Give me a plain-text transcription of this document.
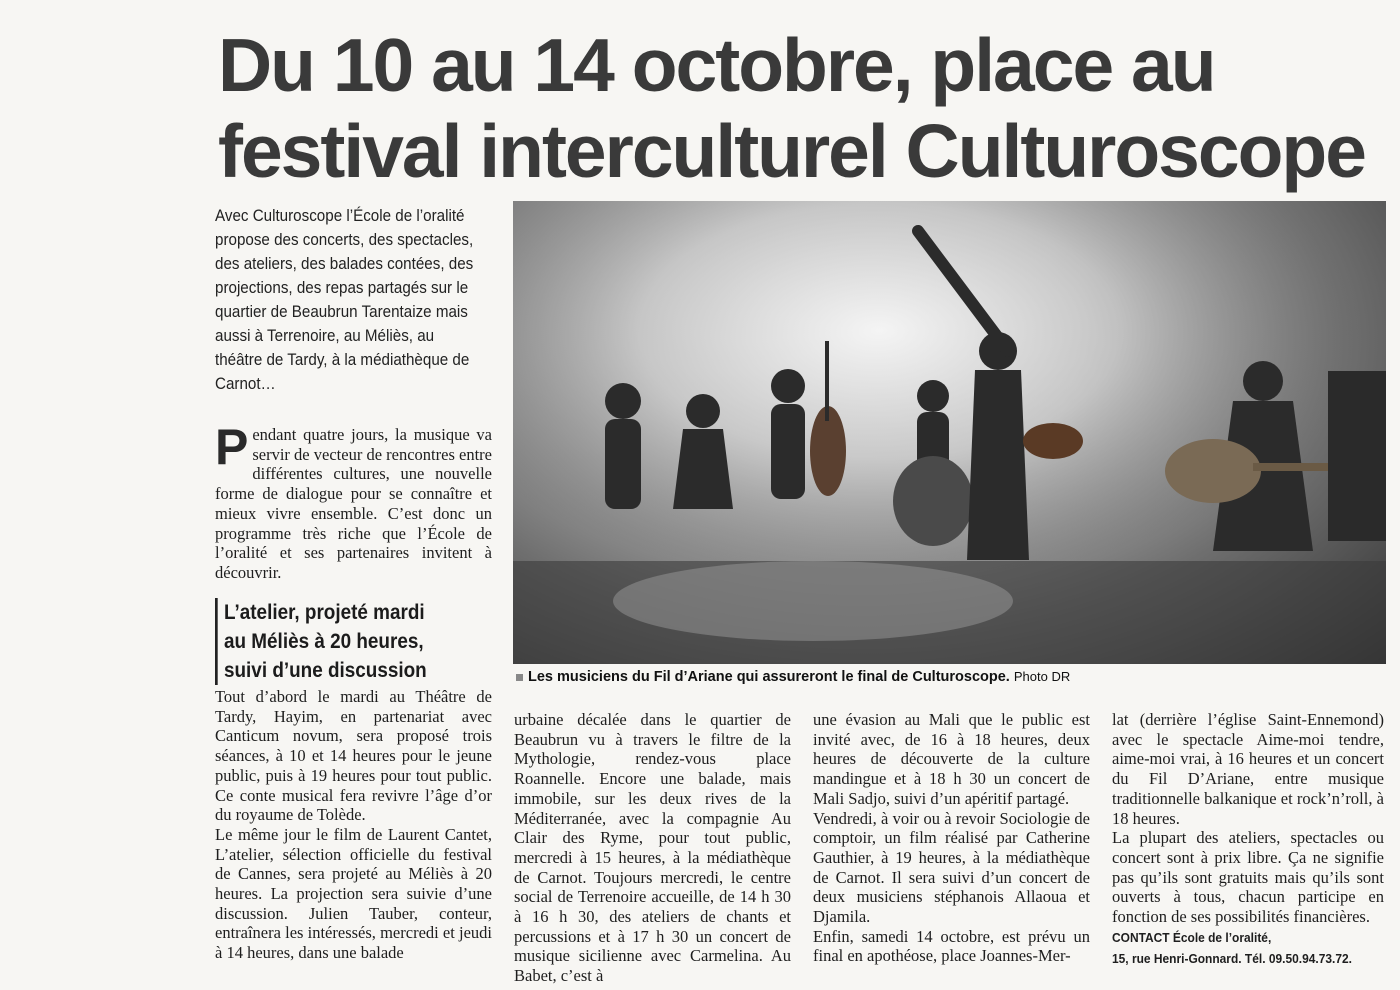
Du 10 au 14 octobre, place au festival interculturel Culturoscope

Avec Culturoscope l’École de l’oralité propose des concerts, des spectacles, des ateliers, des balades contées, des projections, des repas partagés sur le quartier de Beaubrun Tarentaize mais aussi à Terrenoire, au Méliès, au théâtre de Tardy, à la médiathèque de Carnot…

Les musiciens du Fil d’Ariane qui assureront le final de Culturoscope. Photo DR
P endant quatre jours, la musique va servir de vecteur de rencontres entre différentes cultures, une nouvelle forme de dialogue pour se connaître et mieux vivre ensemble. C’est donc un programme très riche que l’École de l’oralité et ses partenaires invitent à découvrir.

L’atelier, projeté mardi

au Méliès à 20 heures,

suivi d’une discussion

Tout d’abord le mardi au Théâtre de Tardy, Hayim, en partenariat avec Canticum novum, sera proposé trois séances, à 10 et 14 heures pour le jeune public, puis à 19 heures pour tout public. Ce conte musical fera revivre l’âge d’or du royaume de Tolède.

Le même jour le film de Laurent Cantet, L’atelier, sélection officielle du festival de Cannes, sera projeté au Méliès à 20 heures. La projection sera suivie d’une discussion. Julien Tauber, conteur, entraînera les intéressés, mercredi et jeudi à 14 heures, dans une balade

urbaine décalée dans le quartier de Beaubrun vu à travers le filtre de la Mythologie, rendez-vous place Roannelle. Encore une balade, mais immobile, sur les deux rives de la Méditerranée, avec la compagnie Au Clair des Ryme, pour tout public, mercredi à 15 heures, à la médiathèque de Carnot. Toujours mercredi, le centre social de Terrenoire accueille, de 14 h 30 à 16 h 30, des ateliers de chants et percussions et à 17 h 30 un concert de musique sicilienne avec Carmelina. Au Babet, c’est à

une évasion au Mali que le public est invité avec, de 16 à 18 heures, deux heures de découverte de la culture mandingue et à 18 h 30 un concert de Mali Sadjo, suivi d’un apéritif partagé.

Vendredi, à voir ou à revoir Sociologie de comptoir, un film réalisé par Catherine Gauthier, à 19 heures, à la médiathèque de Carnot. Il sera suivi d’un concert de deux musiciens stéphanois Allaoua et Djamila.

Enfin, samedi 14 octobre, est prévu un final en apothéose, place Joannes-Mer-

lat (derrière l’église Saint-Ennemond) avec le spectacle Aime-moi tendre, aime-moi vrai, à 16 heures et un concert du Fil D’Ariane, entre musique traditionnelle balkanique et rock’n’roll, à 18 heures.

La plupart des ateliers, spectacles ou concert sont à prix libre. Ça ne signifie pas qu’ils sont gratuits mais qu’ils sont ouverts à tous, chacun participe en fonction de ses possibilités financières.

CONTACT École de l’oralité,
15, rue Henri-Gonnard. Tél. 09.50.94.73.72.
